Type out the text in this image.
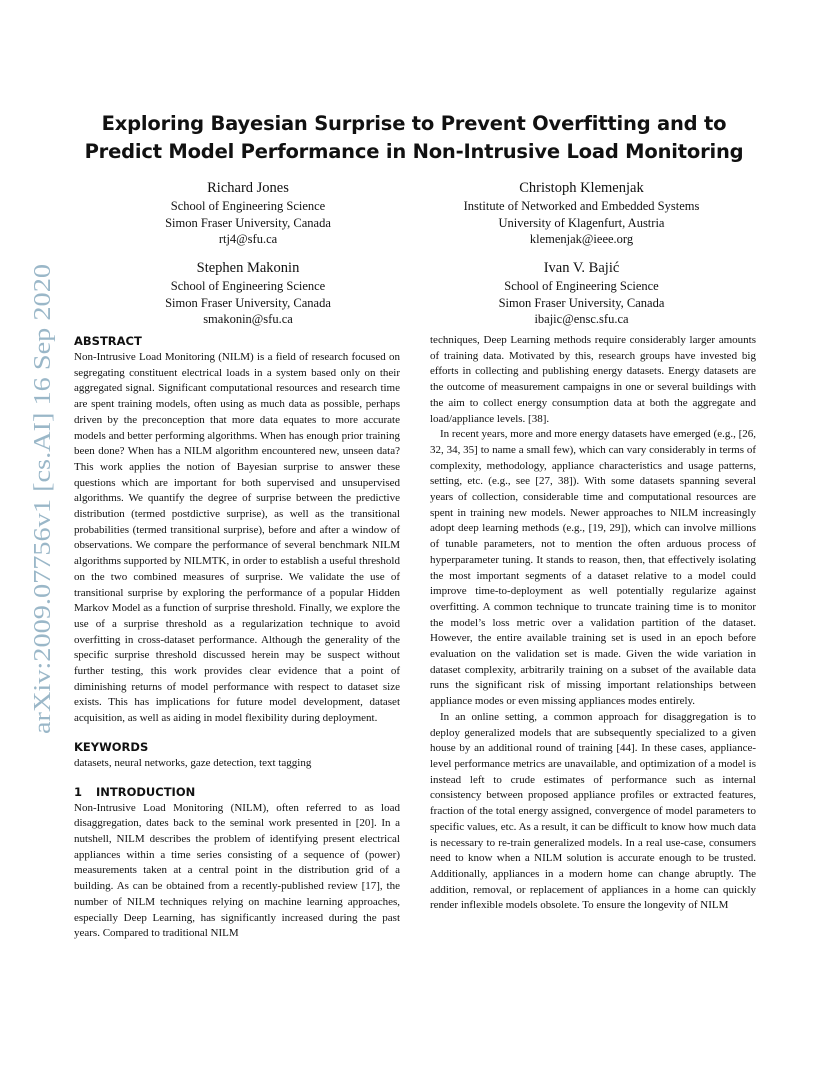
Exploring Bayesian Surprise to Prevent Overfitting and to Predict Model Performance in Non-Intrusive Load Monitoring
Richard Jones
School of Engineering Science
Simon Fraser University, Canada
rtj4@sfu.ca
Christoph Klemenjak
Institute of Networked and Embedded Systems
University of Klagenfurt, Austria
klemenjak@ieee.org
Stephen Makonin
School of Engineering Science
Simon Fraser University, Canada
smakonin@sfu.ca
Ivan V. Bajić
School of Engineering Science
Simon Fraser University, Canada
ibajic@ensc.sfu.ca
arXiv:2009.07756v1 [cs.AI] 16 Sep 2020 ABSTRACT

Non-Intrusive Load Monitoring (NILM) is a field of research focused on segregating constituent electrical loads in a system based only on their aggregated signal. Significant computational resources and research time are spent training models, often using as much data as possible, perhaps driven by the preconception that more data equates to more accurate models and better performing algorithms. When has enough prior training been done? When has a NILM algorithm encountered new, unseen data? This work applies the notion of Bayesian surprise to answer these questions which are important for both supervised and unsupervised algorithms. We quantify the degree of surprise between the predictive distribution (termed postdictive surprise), as well as the transitional probabilities (termed transitional surprise), before and after a window of observations. We compare the performance of several benchmark NILM algorithms supported by NILMTK, in order to establish a useful threshold on the two combined measures of surprise. We validate the use of transitional surprise by exploring the performance of a popular Hidden Markov Model as a function of surprise threshold. Finally, we explore the use of a surprise threshold as a regularization technique to avoid overfitting in cross-dataset performance. Although the generality of the specific surprise threshold discussed herein may be suspect without further testing, this work provides clear evidence that a point of diminishing returns of model performance with respect to dataset size exists. This has implications for future model development, dataset acquisition, as well as aiding in model flexibility during deployment.

KEYWORDS

datasets, neural networks, gaze detection, text tagging

1 INTRODUCTION

Non-Intrusive Load Monitoring (NILM), often referred to as load disaggregation, dates back to the seminal work presented in [20]. In a nutshell, NILM describes the problem of identifying present electrical appliances within a time series consisting of a sequence of (power) measurements taken at a central point in the distribution grid of a building. As can be obtained from a recently-published review [17], the number of NILM techniques relying on machine learning approaches, especially Deep Learning, has significantly increased during the past years. Compared to traditional NILM

techniques, Deep Learning methods require considerably larger amounts of training data. Motivated by this, research groups have invested big efforts in collecting and publishing energy datasets. Energy datasets are the outcome of measurement campaigns in one or several buildings with the aim to collect energy consumption data at both the aggregate and load/appliance levels. [38].

In recent years, more and more energy datasets have emerged (e.g., [26, 32, 34, 35] to name a small few), which can vary considerably in terms of complexity, methodology, appliance characteristics and usage patterns, setting, etc. (e.g., see [27, 38]). With some datasets spanning several years of collection, considerable time and computational resources are spent in training new models. Newer approaches to NILM increasingly adopt deep learning methods (e.g., [19, 29]), which can involve millions of tunable parameters, not to mention the often arduous process of hyperparameter tuning. It stands to reason, then, that effectively isolating the most important segments of a dataset relative to a model could improve time-to-deployment as well potentially regularize against overfitting. A common technique to truncate training time is to monitor the model’s loss metric over a validation partition of the dataset. However, the entire available training set is used in an epoch before evaluation on the validation set is made. Given the wide variation in dataset complexity, arbitrarily training on a subset of the available data runs the significant risk of missing important relationships between appliance modes or even missing appliances modes entirely.

In an online setting, a common approach for disaggregation is to deploy generalized models that are subsequently specialized to a given house by an additional round of training [44]. In these cases, appliance-level performance metrics are unavailable, and optimization of a model is instead left to crude estimates of performance such as internal consistency between proposed appliance profiles or extracted features, fraction of the total energy assigned, convergence of model parameters to specific values, etc. As a result, it can be difficult to know how much data is necessary to re-train generalized models. In a real use-case, consumers need to know when a NILM solution is accurate enough to be trusted. Additionally, appliances in a modern home can change abruptly. The addition, removal, or replacement of appliances in a home can quickly render inflexible models obsolete. To ensure the longevity of NILM
